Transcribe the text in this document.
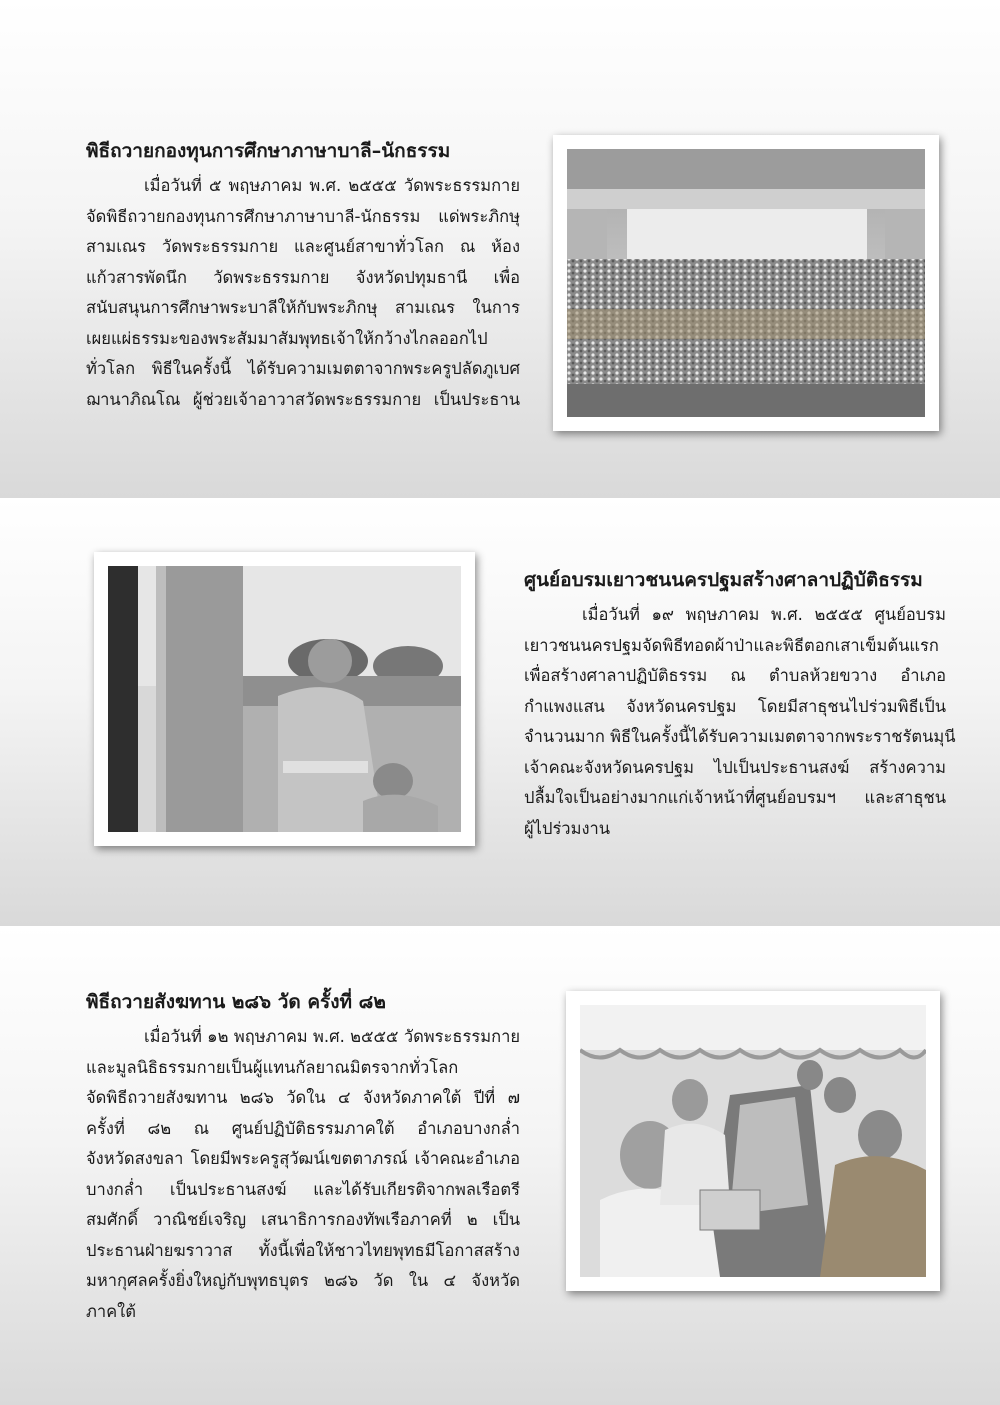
พิธีถวายกองทุนการศึกษาภาษาบาลี–นักธรรม

เมื่อวันที่ ๕ พฤษภาคม พ.ศ. ๒๕๕๕ วัดพระธรรมกาย

จัดพิธีถวายกองทุนการศึกษาภาษาบาลี-นักธรรม แด่พระภิกษุ

สามเณร วัดพระธรรมกาย และศูนย์สาขาทั่วโลก ณ ห้อง

แก้วสารพัดนึก วัดพระธรรมกาย จังหวัดปทุมธานี เพื่อ

สนับสนุนการศึกษาพระบาลีให้กับพระภิกษุ สามเณร ในการ

เผยแผ่ธรรมะของพระสัมมาสัมพุทธเจ้าให้กว้างไกลออกไป

ทั่วโลก พิธีในครั้งนี้ ได้รับความเมตตาจากพระครูปลัดภูเบศ

ฌานาภิณโณ ผู้ช่วยเจ้าอาวาสวัดพระธรรมกาย เป็นประธาน

ศูนย์อบรมเยาวชนนครปฐมสร้างศาลาปฏิบัติธรรม

เมื่อวันที่ ๑๙ พฤษภาคม พ.ศ. ๒๕๕๕ ศูนย์อบรม

เยาวชนนครปฐมจัดพิธีทอดผ้าป่าและพิธีตอกเสาเข็มต้นแรก

เพื่อสร้างศาลาปฏิบัติธรรม ณ ตำบลห้วยขวาง อำเภอ

กำแพงแสน จังหวัดนครปฐม โดยมีสาธุชนไปร่วมพิธีเป็น

จำนวนมาก พิธีในครั้งนี้ได้รับความเมตตาจากพระราชรัตนมุนี

เจ้าคณะจังหวัดนครปฐม ไปเป็นประธานสงฆ์ สร้างความ

ปลื้มใจเป็นอย่างมากแก่เจ้าหน้าที่ศูนย์อบรมฯ และสาธุชน

ผู้ไปร่วมงาน

พิธีถวายสังฆทาน ๒๘๖ วัด ครั้งที่ ๘๒

เมื่อวันที่ ๑๒ พฤษภาคม พ.ศ. ๒๕๕๕ วัดพระธรรมกาย

และมูลนิธิธรรมกายเป็นผู้แทนกัลยาณมิตรจากทั่วโลก

จัดพิธีถวายสังฆทาน ๒๘๖ วัดใน ๔ จังหวัดภาคใต้ ปีที่ ๗

ครั้งที่ ๘๒ ณ ศูนย์ปฏิบัติธรรมภาคใต้ อำเภอบางกล่ำ

จังหวัดสงขลา โดยมีพระครูสุวัฒน์เขตตาภรณ์ เจ้าคณะอำเภอ

บางกล่ำ เป็นประธานสงฆ์ และได้รับเกียรติจากพลเรือตรี

สมศักดิ์ วาณิชย์เจริญ เสนาธิการกองทัพเรือภาคที่ ๒ เป็น

ประธานฝ่ายฆราวาส ทั้งนี้เพื่อให้ชาวไทยพุทธมีโอกาสสร้าง

มหากุศลครั้งยิ่งใหญ่กับพุทธบุตร ๒๘๖ วัด ใน ๔ จังหวัด

ภาคใต้
